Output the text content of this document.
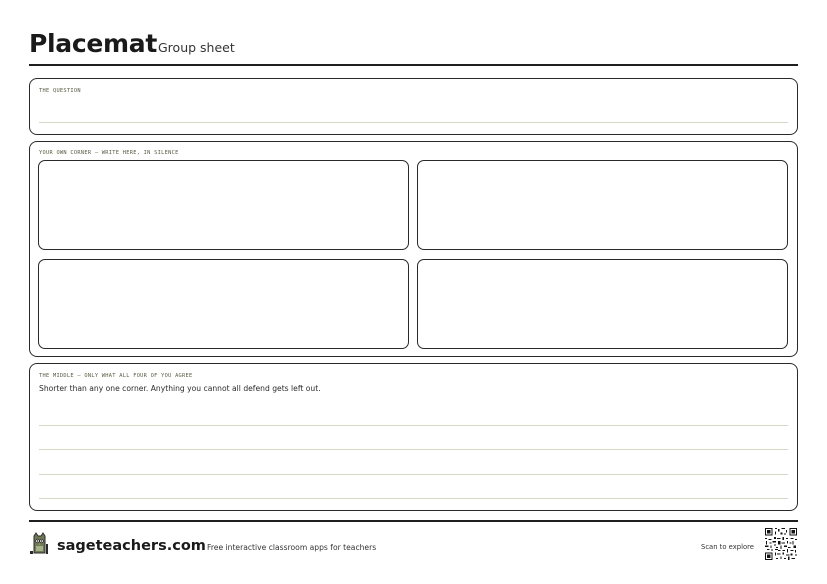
Placemat Group sheet
THE QUESTION
YOUR OWN CORNER — WRITE HERE, IN SILENCE
THE MIDDLE — ONLY WHAT ALL FOUR OF YOU AGREE
Shorter than any one corner. Anything you cannot all defend gets left out.
sageteachers.com Free interactive classroom apps for teachers	Scan to explore
